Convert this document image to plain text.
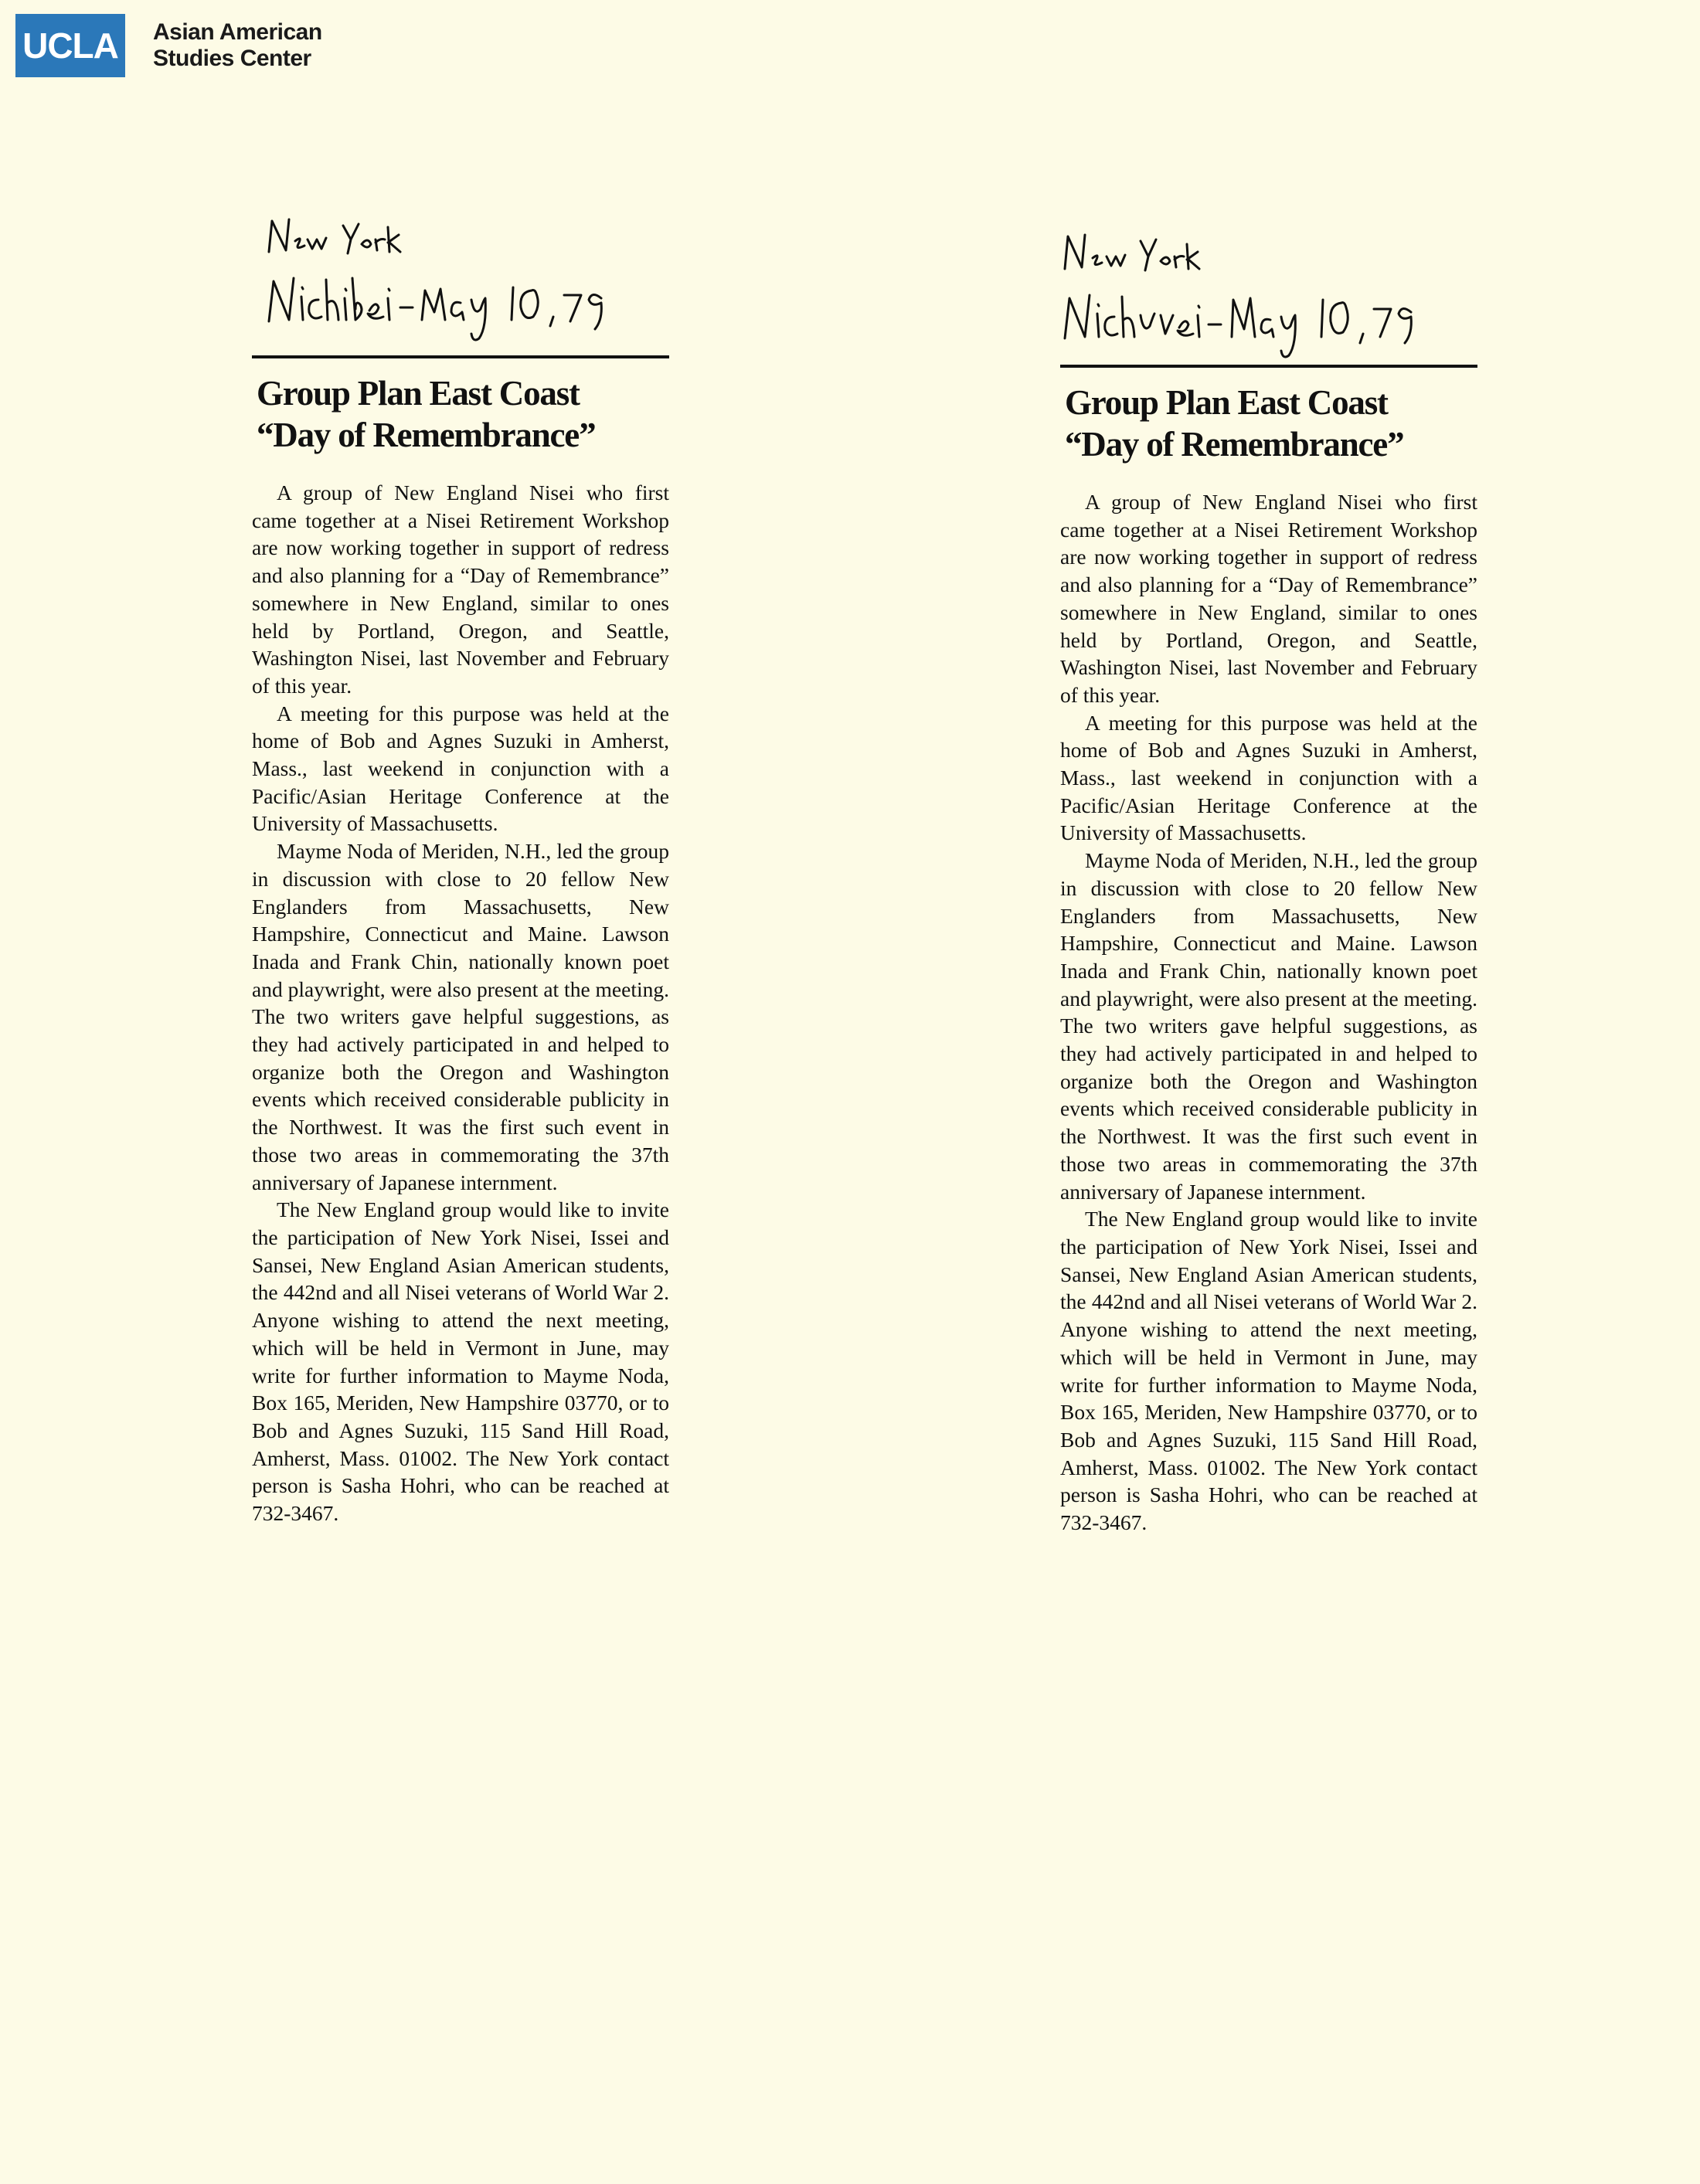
UCLA	Asian American
Studies Center
Group Plan East Coast
“Day of Remembrance”

A group of New England Nisei who first came together at a Nisei Retirement Workshop are now working together in support of redress and also planning for a “Day of Remembrance” somewhere in New England, similar to ones held by Portland, Oregon, and Seattle, Washington Nisei, last November and February of this year.

A meeting for this purpose was held at the home of Bob and Agnes Suzuki in Amherst, Mass., last weekend in conjunction with a Pacific/Asian Heritage Conference at the University of Massachusetts.

Mayme Noda of Meriden, N.H., led the group in discussion with close to 20 fellow New Englanders from Massachusetts, New Hampshire, Connecticut and Maine. Lawson Inada and Frank Chin, nationally known poet and playwright, were also present at the meeting. The two writers gave helpful suggestions, as they had actively participated in and helped to organize both the Oregon and Washington events which received considerable publicity in the Northwest. It was the first such event in those two areas in commemorating the 37th anniversary of Japanese internment.

The New England group would like to invite the participation of New York Nisei, Issei and Sansei, New England Asian American students, the 442nd and all Nisei veterans of World War 2. Anyone wishing to attend the next meeting, which will be held in Vermont in June, may write for further information to Mayme Noda, Box 165, Meriden, New Hampshire 03770, or to Bob and Agnes Suzuki, 115 Sand Hill Road, Amherst, Mass. 01002. The New York contact person is Sasha Hohri, who can be reached at 732-3467.

Group Plan East Coast
“Day of Remembrance”

A group of New England Nisei who first came together at a Nisei Retirement Workshop are now working together in support of redress and also planning for a “Day of Remembrance” somewhere in New England, similar to ones held by Portland, Oregon, and Seattle, Washington Nisei, last November and February of this year.

A meeting for this purpose was held at the home of Bob and Agnes Suzuki in Amherst, Mass., last weekend in conjunction with a Pacific/Asian Heritage Conference at the University of Massachusetts.

Mayme Noda of Meriden, N.H., led the group in discussion with close to 20 fellow New Englanders from Massachusetts, New Hampshire, Connecticut and Maine. Lawson Inada and Frank Chin, nationally known poet and playwright, were also present at the meeting. The two writers gave helpful suggestions, as they had actively participated in and helped to organize both the Oregon and Washington events which received considerable publicity in the Northwest. It was the first such event in those two areas in commemorating the 37th anniversary of Japanese internment.

The New England group would like to invite the participation of New York Nisei, Issei and Sansei, New England Asian American students, the 442nd and all Nisei veterans of World War 2. Anyone wishing to attend the next meeting, which will be held in Vermont in June, may write for further information to Mayme Noda, Box 165, Meriden, New Hampshire 03770, or to Bob and Agnes Suzuki, 115 Sand Hill Road, Amherst, Mass. 01002. The New York contact person is Sasha Hohri, who can be reached at 732-3467.
